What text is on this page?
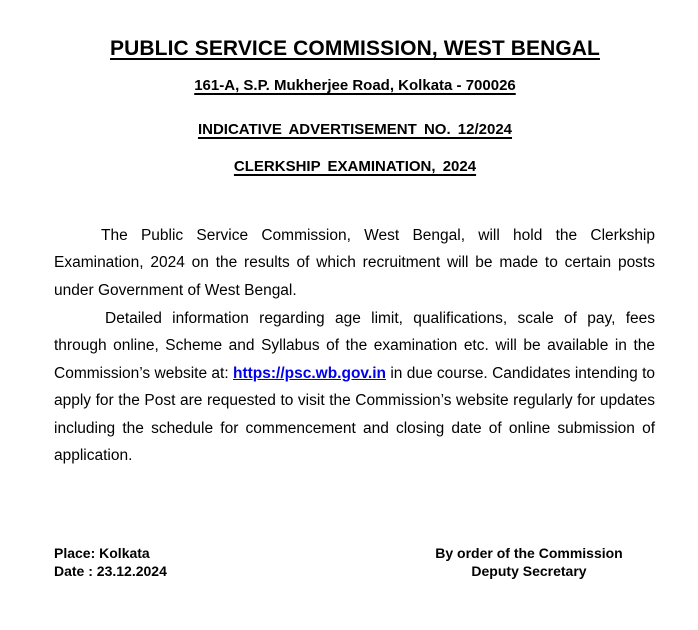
PUBLIC SERVICE COMMISSION, WEST BENGAL
161-A, S.P. Mukherjee Road, Kolkata - 700026
INDICATIVE ADVERTISEMENT NO. 12/2024
CLERKSHIP EXAMINATION, 2024

The Public Service Commission, West Bengal, will hold the Clerkship Examination, 2024 on the results of which recruitment will be made to certain posts under Government of West Bengal.

Detailed information regarding age limit, qualifications, scale of pay, fees through online, Scheme and Syllabus of the examination etc. will be available in the Commission’s website at: https://psc.wb.gov.in in due course. Candidates intending to apply for the Post are requested to visit the Commission’s website regularly for updates including the schedule for commencement and closing date of online submission of application.

Place: Kolkata
Date : 23.12.2024
By order of the Commission
Deputy Secretary
